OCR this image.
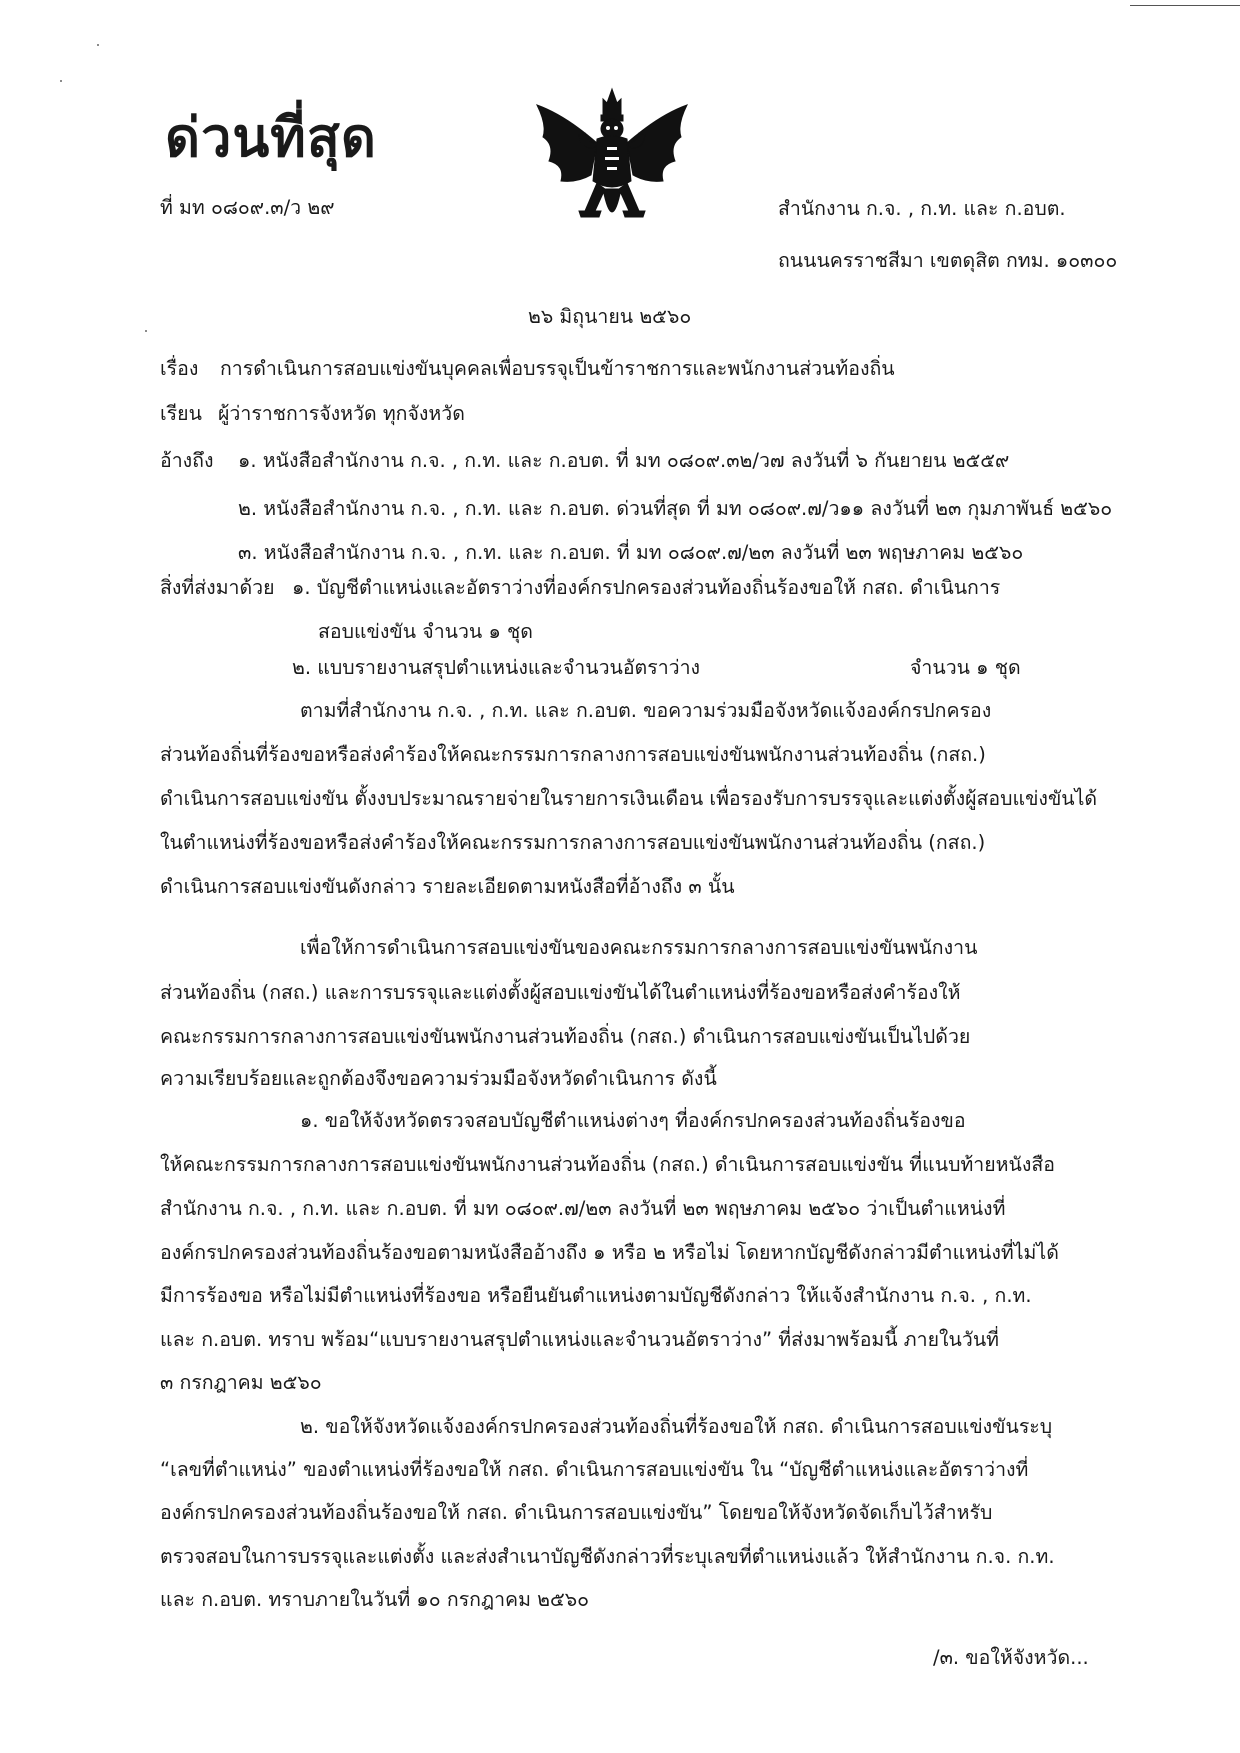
ด่วนที่สุด
ที่ มท ๐๘๐๙.๓/ว ๒๙	สำนักงาน ก.จ. , ก.ท. และ ก.อบต.
ถนนนครราชสีมา เขตดุสิต กทม. ๑๐๓๐๐
๒๖ มิถุนายน ๒๕๖๐
เรื่อง การดำเนินการสอบแข่งขันบุคคลเพื่อบรรจุเป็นข้าราชการและพนักงานส่วนท้องถิ่น
เรียน ผู้ว่าราชการจังหวัด ทุกจังหวัด
อ้างถึง ๑. หนังสือสำนักงาน ก.จ. , ก.ท. และ ก.อบต. ที่ มท ๐๘๐๙.๓๒/ว๗ ลงวันที่ ๖ กันยายน ๒๕๕๙
๒. หนังสือสำนักงาน ก.จ. , ก.ท. และ ก.อบต. ด่วนที่สุด ที่ มท ๐๘๐๙.๗/ว๑๑ ลงวันที่ ๒๓ กุมภาพันธ์ ๒๕๖๐
๓. หนังสือสำนักงาน ก.จ. , ก.ท. และ ก.อบต. ที่ มท ๐๘๐๙.๗/๒๓ ลงวันที่ ๒๓ พฤษภาคม ๒๕๖๐
สิ่งที่ส่งมาด้วย ๑. บัญชีตำแหน่งและอัตราว่างที่องค์กรปกครองส่วนท้องถิ่นร้องขอให้ กสถ. ดำเนินการ
สอบแข่งขัน จำนวน ๑ ชุด
๒. แบบรายงานสรุปตำแหน่งและจำนวนอัตราว่าง	จำนวน ๑ ชุด
ตามที่สำนักงาน ก.จ. , ก.ท. และ ก.อบต. ขอความร่วมมือจังหวัดแจ้งองค์กรปกครอง
ส่วนท้องถิ่นที่ร้องขอหรือส่งคำร้องให้คณะกรรมการกลางการสอบแข่งขันพนักงานส่วนท้องถิ่น (กสถ.)
ดำเนินการสอบแข่งขัน ตั้งงบประมาณรายจ่ายในรายการเงินเดือน เพื่อรองรับการบรรจุและแต่งตั้งผู้สอบแข่งขันได้
ในตำแหน่งที่ร้องขอหรือส่งคำร้องให้คณะกรรมการกลางการสอบแข่งขันพนักงานส่วนท้องถิ่น (กสถ.)
ดำเนินการสอบแข่งขันดังกล่าว รายละเอียดตามหนังสือที่อ้างถึง ๓ นั้น
เพื่อให้การดำเนินการสอบแข่งขันของคณะกรรมการกลางการสอบแข่งขันพนักงาน
ส่วนท้องถิ่น (กสถ.) และการบรรจุและแต่งตั้งผู้สอบแข่งขันได้ในตำแหน่งที่ร้องขอหรือส่งคำร้องให้
คณะกรรมการกลางการสอบแข่งขันพนักงานส่วนท้องถิ่น (กสถ.) ดำเนินการสอบแข่งขันเป็นไปด้วย
ความเรียบร้อยและถูกต้องจึงขอความร่วมมือจังหวัดดำเนินการ ดังนี้
๑. ขอให้จังหวัดตรวจสอบบัญชีตำแหน่งต่างๆ ที่องค์กรปกครองส่วนท้องถิ่นร้องขอ
ให้คณะกรรมการกลางการสอบแข่งขันพนักงานส่วนท้องถิ่น (กสถ.) ดำเนินการสอบแข่งขัน ที่แนบท้ายหนังสือ
สำนักงาน ก.จ. , ก.ท. และ ก.อบต. ที่ มท ๐๘๐๙.๗/๒๓ ลงวันที่ ๒๓ พฤษภาคม ๒๕๖๐ ว่าเป็นตำแหน่งที่
องค์กรปกครองส่วนท้องถิ่นร้องขอตามหนังสืออ้างถึง ๑ หรือ ๒ หรือไม่ โดยหากบัญชีดังกล่าวมีตำแหน่งที่ไม่ได้
มีการร้องขอ หรือไม่มีตำแหน่งที่ร้องขอ หรือยืนยันตำแหน่งตามบัญชีดังกล่าว ให้แจ้งสำนักงาน ก.จ. , ก.ท.
และ ก.อบต. ทราบ พร้อม“แบบรายงานสรุปตำแหน่งและจำนวนอัตราว่าง” ที่ส่งมาพร้อมนี้ ภายในวันที่
๓ กรกฎาคม ๒๕๖๐
๒. ขอให้จังหวัดแจ้งองค์กรปกครองส่วนท้องถิ่นที่ร้องขอให้ กสถ. ดำเนินการสอบแข่งขันระบุ
“เลขที่ตำแหน่ง” ของตำแหน่งที่ร้องขอให้ กสถ. ดำเนินการสอบแข่งขัน ใน “บัญชีตำแหน่งและอัตราว่างที่
องค์กรปกครองส่วนท้องถิ่นร้องขอให้ กสถ. ดำเนินการสอบแข่งขัน” โดยขอให้จังหวัดจัดเก็บไว้สำหรับ
ตรวจสอบในการบรรจุและแต่งตั้ง และส่งสำเนาบัญชีดังกล่าวที่ระบุเลขที่ตำแหน่งแล้ว ให้สำนักงาน ก.จ. ก.ท.
และ ก.อบต. ทราบภายในวันที่ ๑๐ กรกฎาคม ๒๕๖๐
/๓. ขอให้จังหวัด...
